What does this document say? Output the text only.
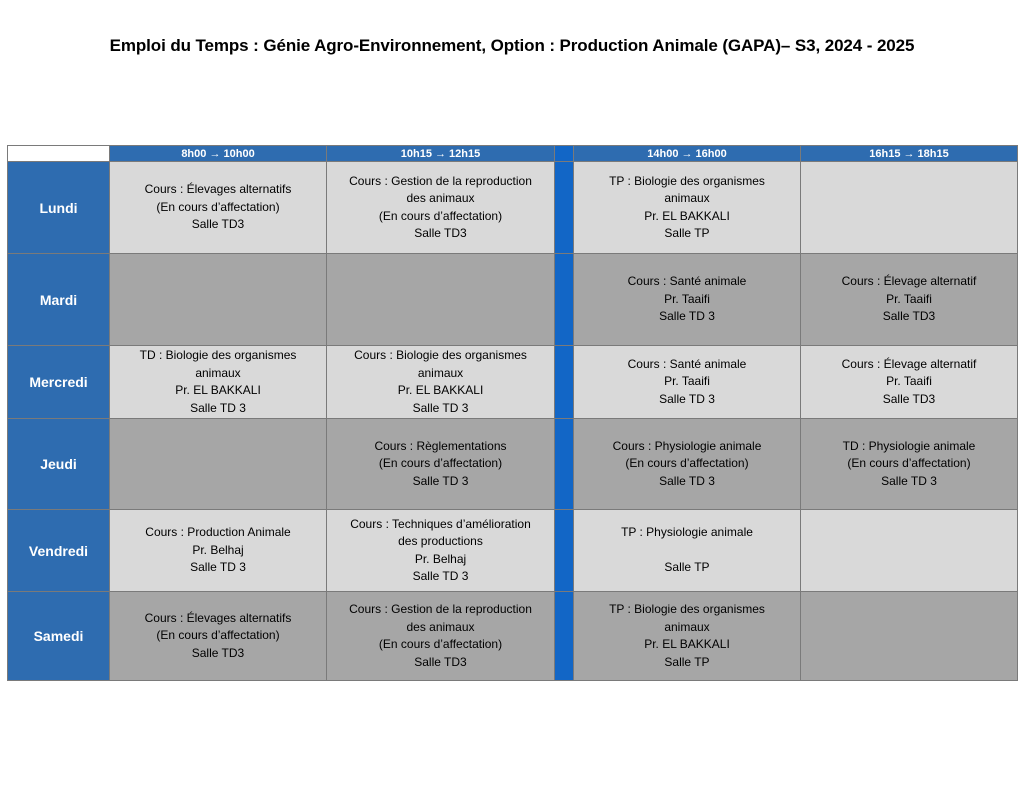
Emploi du Temps : Génie Agro-Environnement, Option : Production Animale (GAPA)– S3, 2024 - 2025
	8h00 → 10h00	10h15 → 12h15		14h00 → 16h00	16h15 → 18h15
Lundi	Cours : Élevages alternatifs
(En cours d’affectation)
Salle TD3	Cours : Gestion de la reproduction
des animaux
(En cours d’affectation)
Salle TD3		TP : Biologie des organismes
animaux
Pr. EL BAKKALI
Salle TP	

Mardi				Cours : Santé animale
Pr. Taaifi
Salle TD 3	Cours : Élevage alternatif
Pr. Taaifi
Salle TD3

Mercredi	TD : Biologie des organismes
animaux
Pr. EL BAKKALI
Salle TD 3	Cours : Biologie des organismes
animaux
Pr. EL BAKKALI
Salle TD 3		Cours : Santé animale
Pr. Taaifi
Salle TD 3	Cours : Élevage alternatif
Pr. Taaifi
Salle TD3

Jeudi		Cours : Règlementations
(En cours d’affectation)
Salle TD 3		Cours : Physiologie animale
(En cours d’affectation)
Salle TD 3	TD : Physiologie animale
(En cours d’affectation)
Salle TD 3

Vendredi	Cours : Production Animale
Pr. Belhaj
Salle TD 3	Cours : Techniques d’amélioration
des productions
Pr. Belhaj
Salle TD 3		TP : Physiologie animale

Salle TP	

Samedi	Cours : Élevages alternatifs
(En cours d’affectation)
Salle TD3	Cours : Gestion de la reproduction
des animaux
(En cours d’affectation)
Salle TD3		TP : Biologie des organismes
animaux
Pr. EL BAKKALI
Salle TP	
